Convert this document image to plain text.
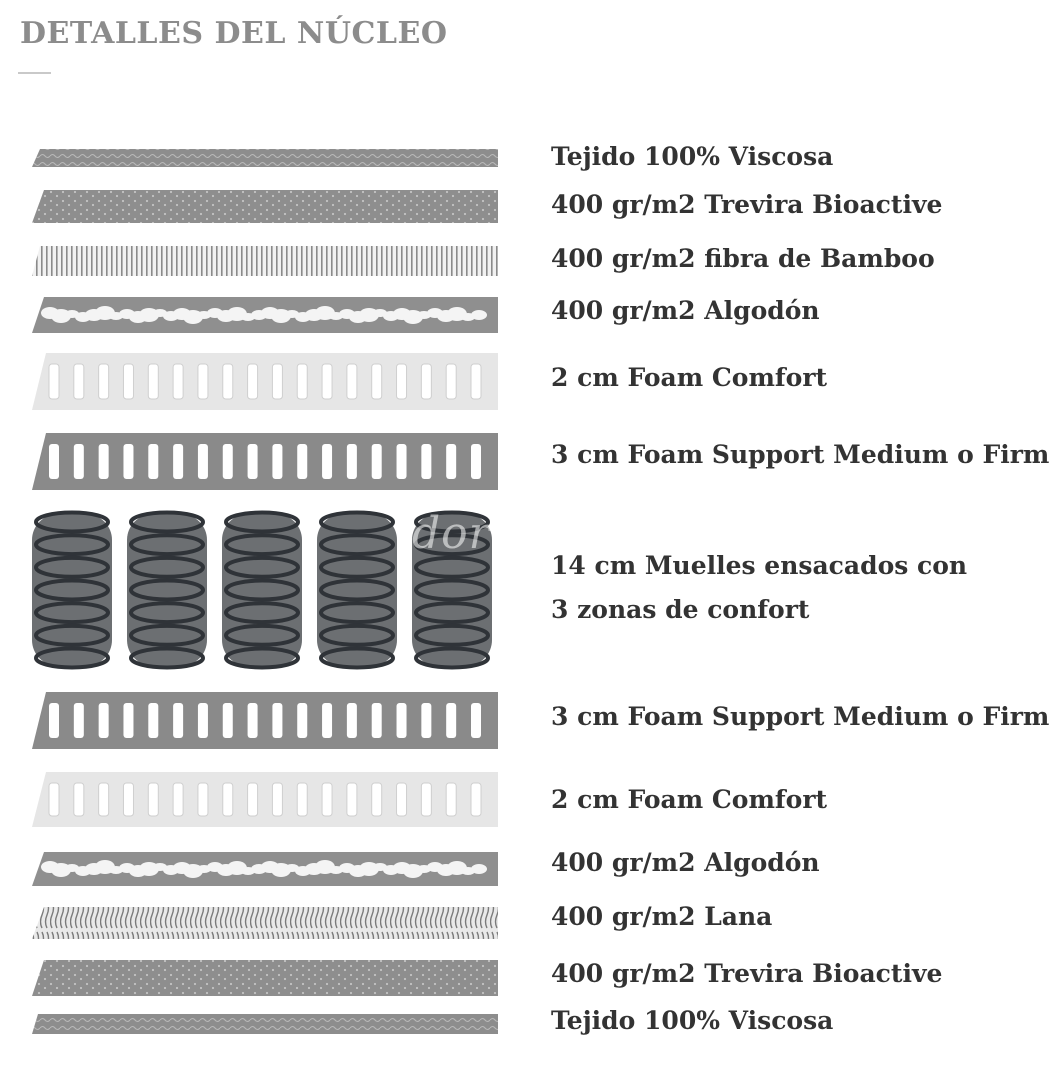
DETALLES DEL NÚCLEO
Tejido 100% Viscosa
400 gr/m2 Trevira Bioactive
400 gr/m2 fibra de Bamboo
400 gr/m2 Algodón
2 cm Foam Comfort
3 cm Foam Support Medium o Firm
14 cm Muelles ensacados con 3 zonas de confort
3 cm Foam Support Medium o Firm
2 cm Foam Comfort
400 gr/m2 Algodón
400 gr/m2 Lana
400 gr/m2 Trevira Bioactive
Tejido 100% Viscosa
dor
